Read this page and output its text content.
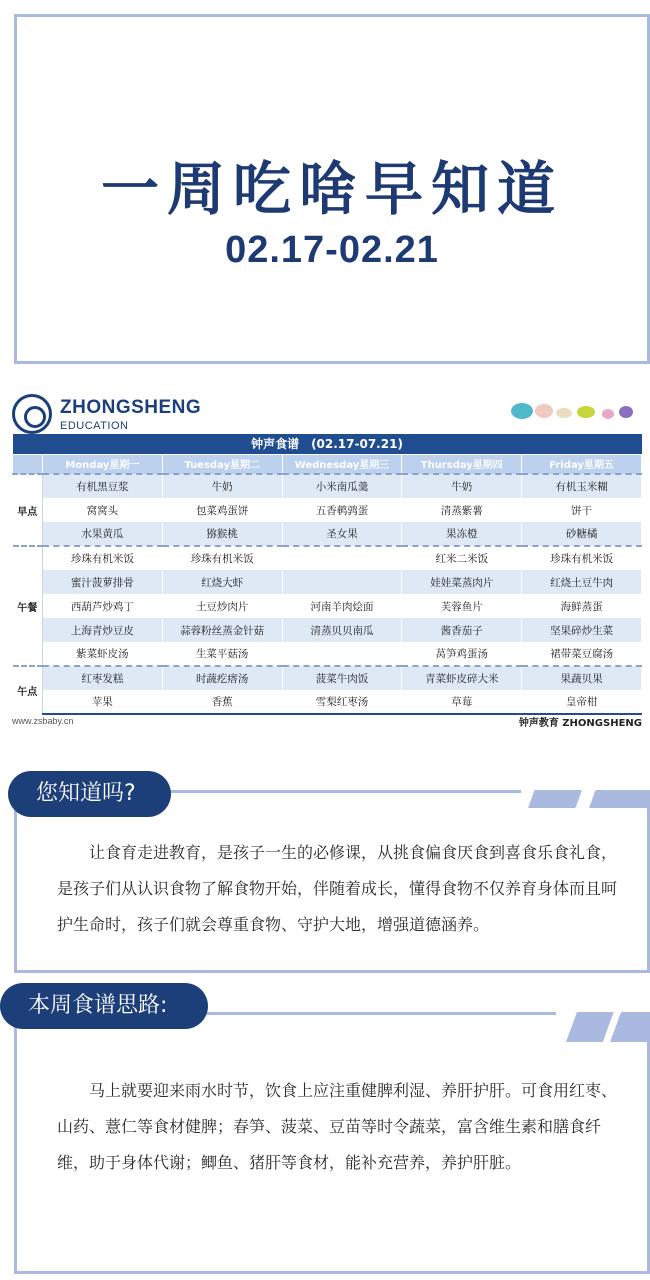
一周吃啥早知道
02.17-02.21
ZHONGSHENG
EDUCATION
钟声食谱　(02.17-07.21)					
	Monday星期一	Tuesday星期二	Wednesday星期三	Thursday星期四	Friday星期五
早点	有机黑豆浆	牛奶	小米南瓜羹	牛奶	有机玉米糊
	窝窝头	包菜鸡蛋饼	五香鹌鹑蛋	清蒸紫薯	饼干
	水果黄瓜	猕猴桃	圣女果	果冻橙	砂糖橘
午餐	珍珠有机米饭	珍珠有机米饭		红米二米饭	珍珠有机米饭
	蜜汁菠萝排骨	红烧大虾		娃娃菜蒸肉片	红烧土豆牛肉
	西葫芦炒鸡丁	土豆炒肉片	河南羊肉烩面	芙蓉鱼片	海鲜蒸蛋
	上海青炒豆皮	蒜蓉粉丝蒸金针菇	清蒸贝贝南瓜	酱香茄子	坚果碎炒生菜
	紫菜虾皮汤	生菜平菇汤		莴笋鸡蛋汤	裙带菜豆腐汤
午点	红枣发糕	时蔬疙瘩汤	菠菜牛肉饭	青菜虾皮碎大米	果蔬贝果
	苹果	香蕉	雪梨红枣汤	草莓	皇帝柑
www.zsbaby.cn	钟声教育 ZHONGSHENG

让食育走进教育，是孩子一生的必修课，从挑食偏食厌食到喜食乐食礼食，是孩子们从认识食物了解食物开始，伴随着成长，懂得食物不仅养育身体而且呵护生命时，孩子们就会尊重食物、守护大地，增强道德涵养。

您知道吗?

马上就要迎来雨水时节，饮食上应注重健脾利湿、养肝护肝。可食用红枣、山药、薏仁等食材健脾；春笋、菠菜、豆苗等时令蔬菜，富含维生素和膳食纤维，助于身体代谢；鲫鱼、猪肝等食材，能补充营养，养护肝脏。

本周食谱思路:
